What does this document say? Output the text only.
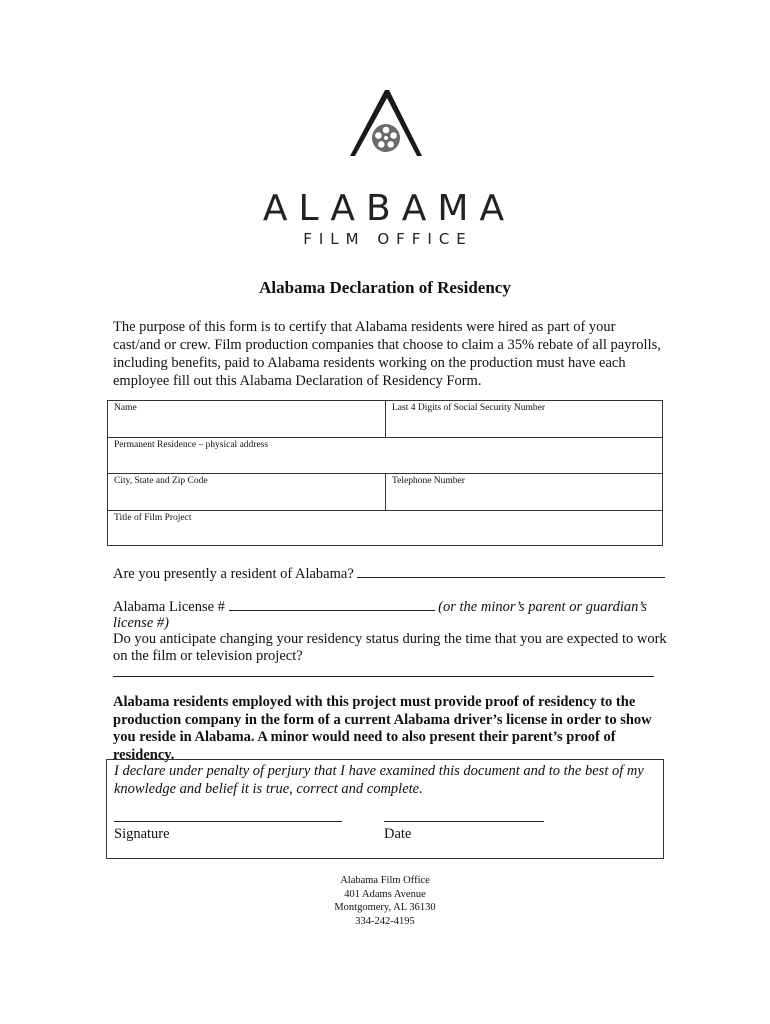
ALABAMA
FILM OFFICE
Alabama Declaration of Residency
The purpose of this form is to certify that Alabama residents were hired as part of your cast/and or crew. Film production companies that choose to claim a 35% rebate of all payrolls, including benefits, paid to Alabama residents working on the production must have each employee fill out this Alabama Declaration of Residency Form.
Name	Last 4 Digits of Social Security Number
Permanent Residence – physical address
City, State and Zip Code	Telephone Number
Title of Film Project
Are you presently a resident of Alabama?
Alabama License #	(or the minor’s parent or guardian’s
license #)
Do you anticipate changing your residency status during the time that you are expected to work
on the film or television project?
Alabama residents employed with this project must provide proof of residency to the production company in the form of a current Alabama driver’s license in order to show you reside in Alabama. A minor would need to also present their parent’s proof of residency.
I declare under penalty of perjury that I have examined this document and to the best of my knowledge and belief it is true, correct and complete.
Signature	Date
Alabama Film Office
401 Adams Avenue
Montgomery, AL 36130
334-242-4195
